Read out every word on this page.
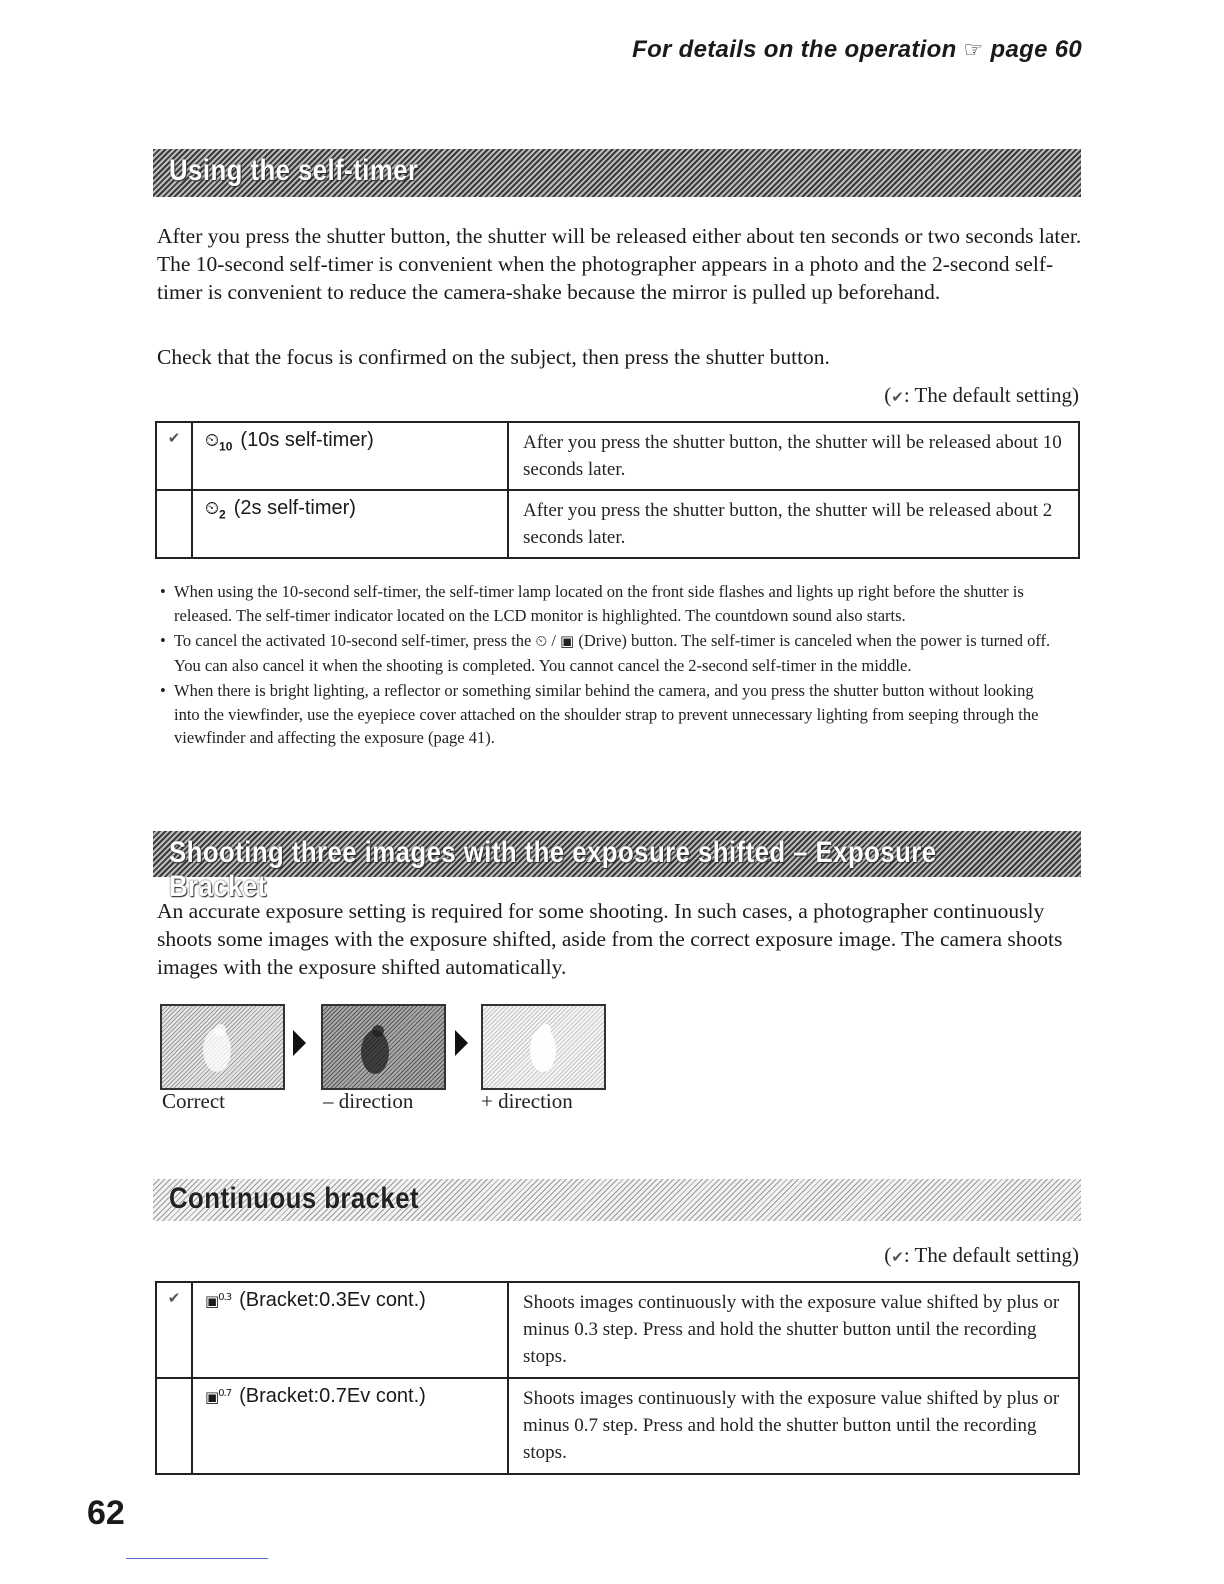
For details on the operation ☞ page 60
Using the self-timer
After you press the shutter button, the shutter will be released either about ten seconds or two seconds later. The 10-second self-timer is convenient when the photographer appears in a photo and the 2-second self-timer is convenient to reduce the camera-shake because the mirror is pulled up beforehand.
Check that the focus is confirmed on the subject, then press the shutter button.
(✔: The default setting)
✔	$⏲_{10}$ (10s self-timer)	After you press the shutter button, the shutter will be released about 10 seconds later.

	$⏲_2$ (2s self-timer)	After you press the shutter button, the shutter will be released about 2 seconds later.
• When using the 10-second self-timer, the self-timer lamp located on the front side flashes and lights up right before the shutter is released. The self-timer indicator located on the LCD monitor is highlighted. The countdown sound also starts.
• To cancel the activated 10-second self-timer, press the ⏲ / ▣ (Drive) button. The self-timer is canceled when the power is turned off. You can also cancel it when the shooting is completed. You cannot cancel the 2-second self-timer in the middle.
• When there is bright lighting, a reflector or something similar behind the camera, and you press the shutter button without looking into the viewfinder, use the eyepiece cover attached on the shoulder strap to prevent unnecessary lighting from seeping through the viewfinder and affecting the exposure (page 41).
Shooting three images with the exposure shifted – Exposure Bracket
An accurate exposure setting is required for some shooting. In such cases, a photographer continuously shoots some images with the exposure shifted, aside from the correct exposure image. The camera shoots images with the exposure shifted automatically.
Correct	– direction	+ direction
Continuous bracket
(✔: The default setting)
✔	▣$^{0.3}$ (Bracket:0.3Ev cont.)	Shoots images continuously with the exposure value shifted by plus or minus 0.3 step. Press and hold the shutter button until the recording stops.

	▣$^{0.7}$ (Bracket:0.7Ev cont.)	Shoots images continuously with the exposure value shifted by plus or minus 0.7 step. Press and hold the shutter button until the recording stops.
62
